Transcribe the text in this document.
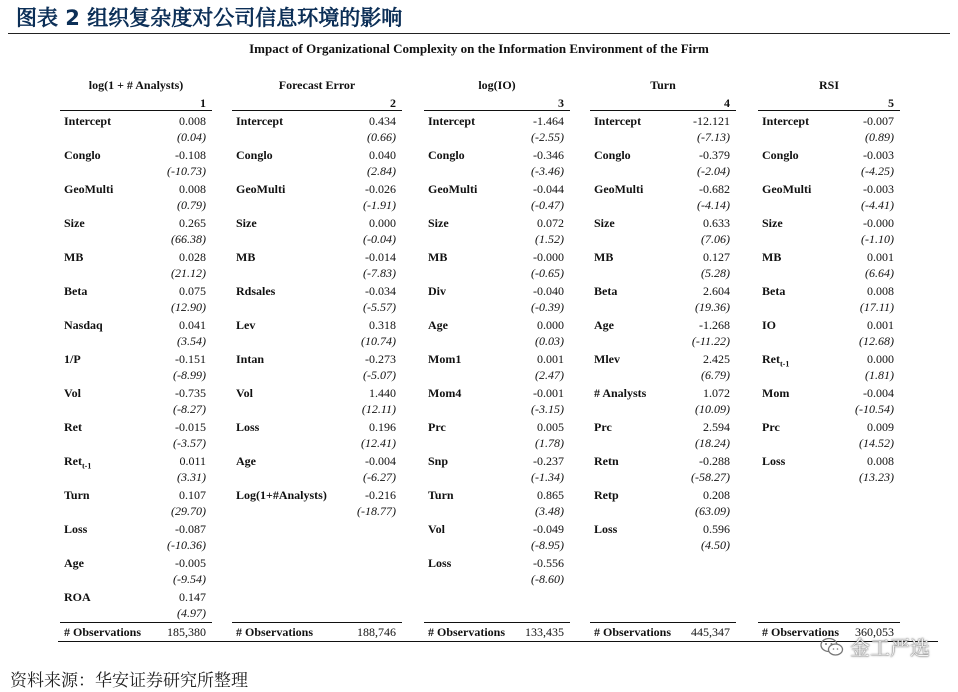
图表 2 组织复杂度对公司信息环境的影响
Impact of Organizational Complexity on the Information Environment of the Firm
log(1 + # Analysts)
1
Intercept	0.008
(0.04)
Conglo	-0.108
(-10.73)
GeoMulti	0.008
(0.79)
Size	0.265
(66.38)
MB	0.028
(21.12)
Beta	0.075
(12.90)
Nasdaq	0.041
(3.54)
1/P	-0.151
(-8.99)
Vol	-0.735
(-8.27)
Ret	-0.015
(-3.57)
Ret$_{t-1}$	0.011
(3.31)
Turn	0.107
(29.70)
Loss	-0.087
(-10.36)
Age	-0.005
(-9.54)
ROA	0.147
(4.97)
# Observations 185,380
Forecast Error
2
Intercept	0.434
(0.66)
Conglo	0.040
(2.84)
GeoMulti	-0.026
(-1.91)
Size	0.000
(-0.04)
MB	-0.014
(-7.83)
Rdsales	-0.034
(-5.57)
Lev	0.318
(10.74)
Intan	-0.273
(-5.07)
Vol	1.440
(12.11)
Loss	0.196
(12.41)
Age	-0.004
(-6.27)
Log(1+#Analysts)	-0.216
(-18.77)
# Observations	188,746
log(IO)
3
Intercept	-1.464
(-2.55)
Conglo	-0.346
(-3.46)
GeoMulti	-0.044
(-0.47)
Size	0.072
(1.52)
MB	-0.000
(-0.65)
Div	-0.040
(-0.39)
Age	0.000
(0.03)
Mom1	0.001
(2.47)
Mom4	-0.001
(-3.15)
Prc	0.005
(1.78)
Snp	-0.237
(-1.34)
Turn	0.865
(3.48)
Vol	-0.049
(-8.95)
Loss	-0.556
(-8.60)
# Observations 133,435
Turn
4
Intercept	-12.121
(-7.13)
Conglo	-0.379
(-2.04)
GeoMulti	-0.682
(-4.14)
Size	0.633
(7.06)
MB	0.127
(5.28)
Beta	2.604
(19.36)
Age	-1.268
(-11.22)
Mlev	2.425
(6.79)
# Analysts	1.072
(10.09)
Prc	2.594
(18.24)
Retn	-0.288
(-58.27)
Retp	0.208
(63.09)
Loss	0.596
(4.50)
# Observations 445,347
RSI
5
Intercept	-0.007
(0.89)
Conglo	-0.003
(-4.25)
GeoMulti	-0.003
(-4.41)
Size	-0.000
(-1.10)
MB	0.001
(6.64)
Beta	0.008
(17.11)
IO	0.001
(12.68)
Ret$_{t-1}$	0.000
(1.81)
Mom	-0.004
(-10.54)
Prc	0.009
(14.52)
Loss	0.008
(13.23)
# Observations 360,053
资料来源：华安证券研究所整理
金工严选
